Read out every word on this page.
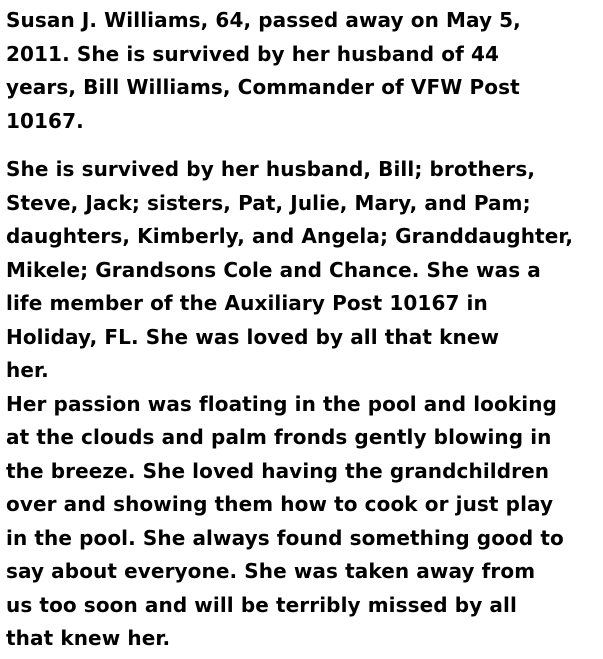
Susan J. Williams, 64, passed away on May 5,
2011. She is survived by her husband of 44
years, Bill Williams, Commander of VFW Post
10167.

She is survived by her husband, Bill; brothers,
Steve, Jack; sisters, Pat, Julie, Mary, and Pam;
daughters, Kimberly, and Angela; Granddaughter,
Mikele; Grandsons Cole and Chance. She was a
life member of the Auxiliary Post 10167 in
Holiday, FL. She was loved by all that knew
her.

Her passion was floating in the pool and looking
at the clouds and palm fronds gently blowing in
the breeze. She loved having the grandchildren
over and showing them how to cook or just play
in the pool. She always found something good to
say about everyone. She was taken away from
us too soon and will be terribly missed by all
that knew her.
